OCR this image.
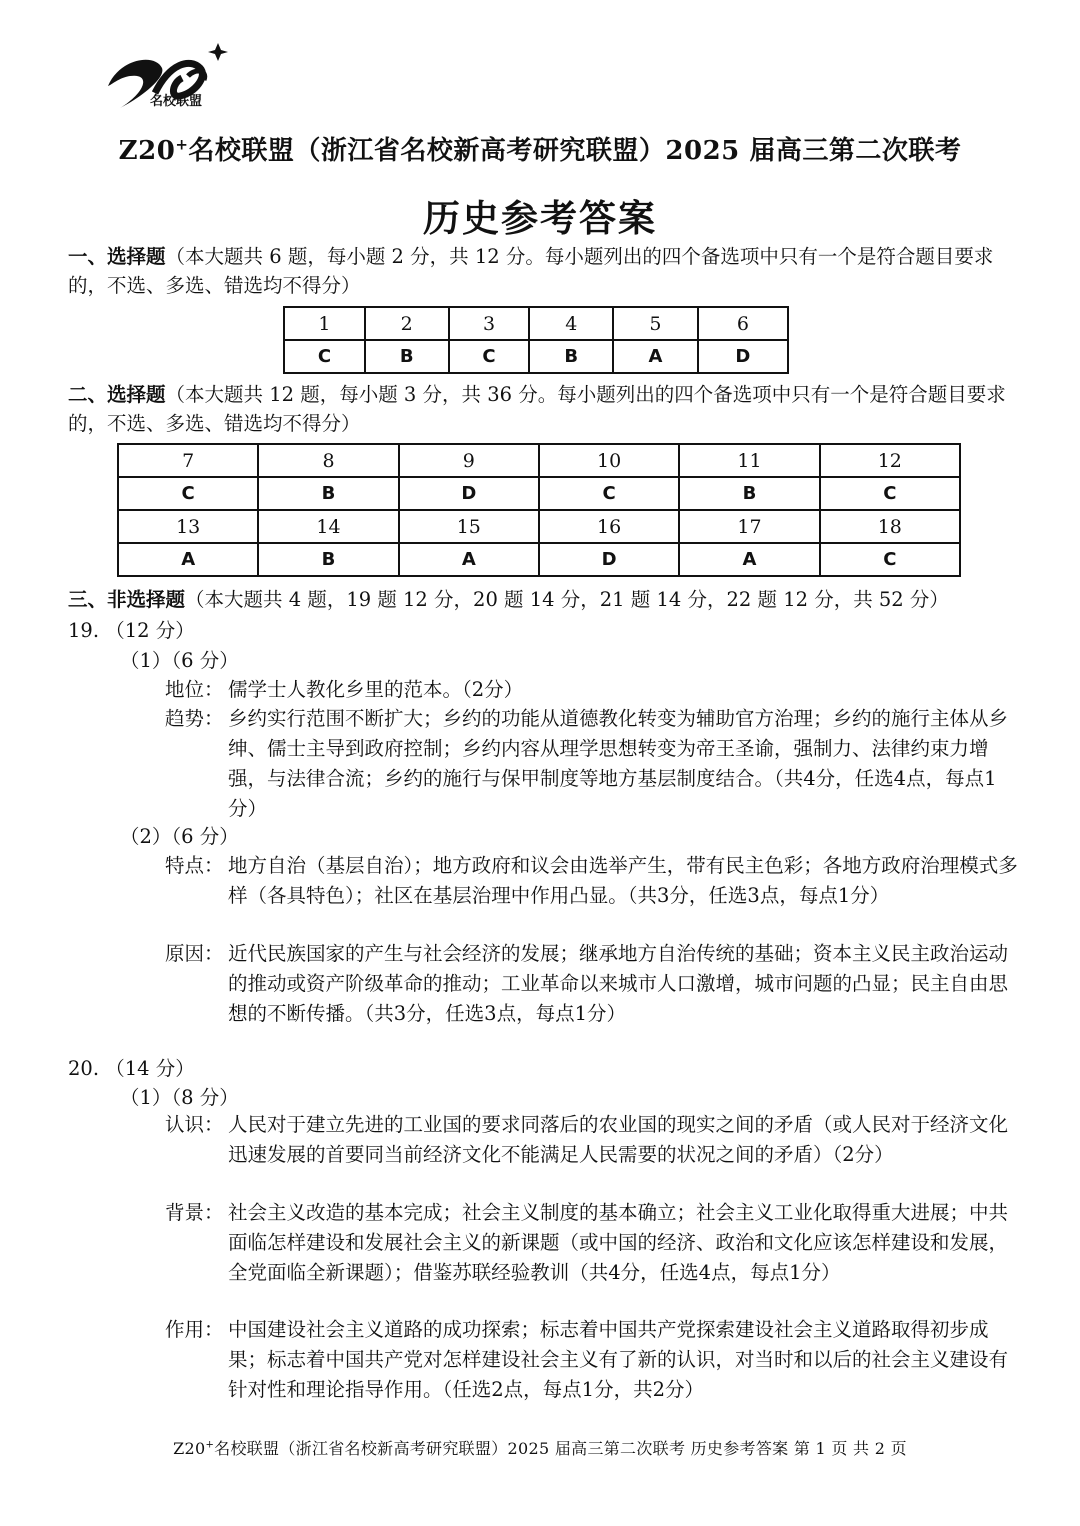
名校联盟
Z20+名校联盟（浙江省名校新高考研究联盟）2025 届高三第二次联考
历史参考答案
一、选择题（本大题共 6 题，每小题 2 分，共 12 分。每小题列出的四个备选项中只有一个是符合题目要求的，不选、多选、错选均不得分）
1	2	3	4	5	6
C	B	C	B	A	D
二、选择题（本大题共 12 题，每小题 3 分，共 36 分。每小题列出的四个备选项中只有一个是符合题目要求的，不选、多选、错选均不得分）
7	8	9	10	11	12
C	B	D	C	B	C
13	14	15	16	17	18
A	B	A	D	A	C
三、非选择题（本大题共 4 题，19 题 12 分，20 题 14 分，21 题 14 分，22 题 12 分，共 52 分）
19. （12 分）
（1）（6 分）
地位： 儒学士人教化乡里的范本。（2分）
趋势： 乡约实行范围不断扩大；乡约的功能从道德教化转变为辅助官方治理；乡约的施行主体从乡绅、儒士主导到政府控制；乡约内容从理学思想转变为帝王圣谕，强制力、法律约束力增强，与法律合流；乡约的施行与保甲制度等地方基层制度结合。（共4分，任选4点，每点1分）
（2）（6 分）
特点： 地方自治（基层自治）；地方政府和议会由选举产生，带有民主色彩；各地方政府治理模式多样（各具特色）；社区在基层治理中作用凸显。（共3分，任选3点，每点1分）
原因： 近代民族国家的产生与社会经济的发展；继承地方自治传统的基础；资本主义民主政治运动的推动或资产阶级革命的推动；工业革命以来城市人口激增，城市问题的凸显；民主自由思想的不断传播。（共3分，任选3点，每点1分）
20. （14 分）
（1）（8 分）
认识： 人民对于建立先进的工业国的要求同落后的农业国的现实之间的矛盾（或人民对于经济文化迅速发展的首要同当前经济文化不能满足人民需要的状况之间的矛盾）（2分）
背景： 社会主义改造的基本完成；社会主义制度的基本确立；社会主义工业化取得重大进展；中共面临怎样建设和发展社会主义的新课题（或中国的经济、政治和文化应该怎样建设和发展，全党面临全新课题）；借鉴苏联经验教训（共4分，任选4点，每点1分）
作用： 中国建设社会主义道路的成功探索；标志着中国共产党探索建设社会主义道路取得初步成果；标志着中国共产党对怎样建设社会主义有了新的认识，对当时和以后的社会主义建设有针对性和理论指导作用。（任选2点，每点1分，共2分）
Z20+名校联盟（浙江省名校新高考研究联盟）2025 届高三第二次联考 历史参考答案 第 1 页 共 2 页
